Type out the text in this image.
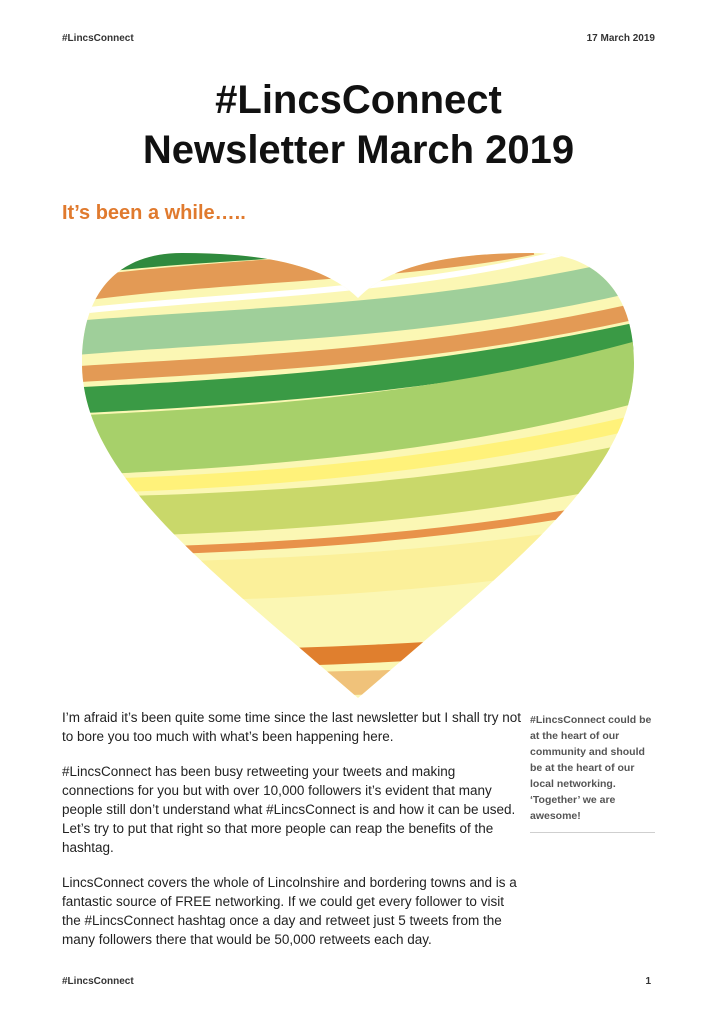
#LincsConnect	17 March 2019
#LincsConnect
Newsletter March 2019
It’s been a while…..

I’m afraid it’s been quite some time since the last newsletter but I shall try not to bore you too much with what’s been happening here.

#LincsConnect has been busy retweeting your tweets and making connections for you but with over 10,000 followers it’s evident that many people still don’t understand what #LincsConnect is and how it can be used. Let’s try to put that right so that more people can reap the benefits of the hashtag.

LincsConnect covers the whole of Lincolnshire and bordering towns and is a fantastic source of FREE networking. If we could get every follower to visit the #LincsConnect hashtag once a day and retweet just 5 tweets from the many followers there that would be 50,000 retweets each day.

#LincsConnect could be at the heart of our community and should be at the heart of our local networking. ‘Together’ we are awesome!
#LincsConnect	1
